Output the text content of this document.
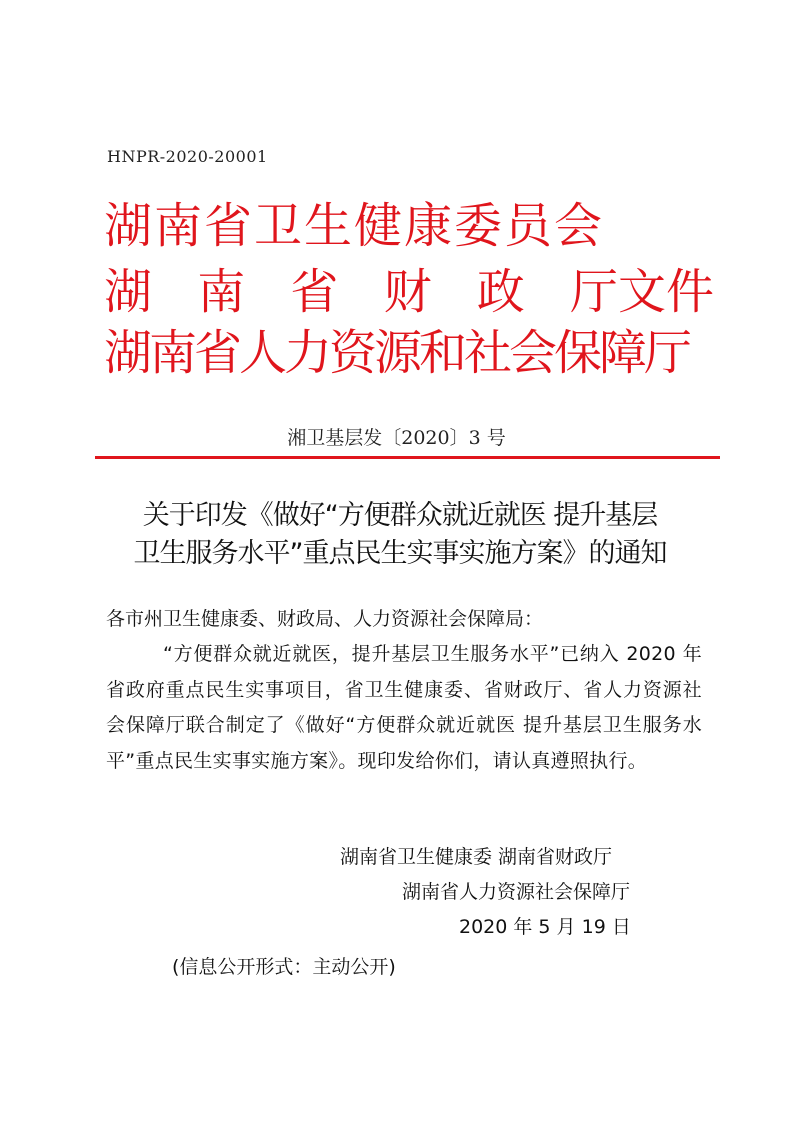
HNPR-2020-20001
湖南省卫生健康委员会
湖 南 省 财 政 厅文件
湖南省人力资源和社会保障厅
湘卫基层发〔2020〕3 号
关于印发《做好“方便群众就近就医 提升基层
卫生服务水平”重点民生实事实施方案》的通知
各市州卫生健康委、财政局、人力资源社会保障局：
“方便群众就近就医，提升基层卫生服务水平”已纳入 2020 年省政府重点民生实事项目，省卫生健康委、省财政厅、省人力资源社会保障厅联合制定了《做好“方便群众就近就医 提升基层卫生服务水平”重点民生实事实施方案》。现印发给你们，请认真遵照执行。
湖南省卫生健康委 湖南省财政厅
湖南省人力资源社会保障厅
2020 年 5 月 19 日
(信息公开形式：主动公开)
